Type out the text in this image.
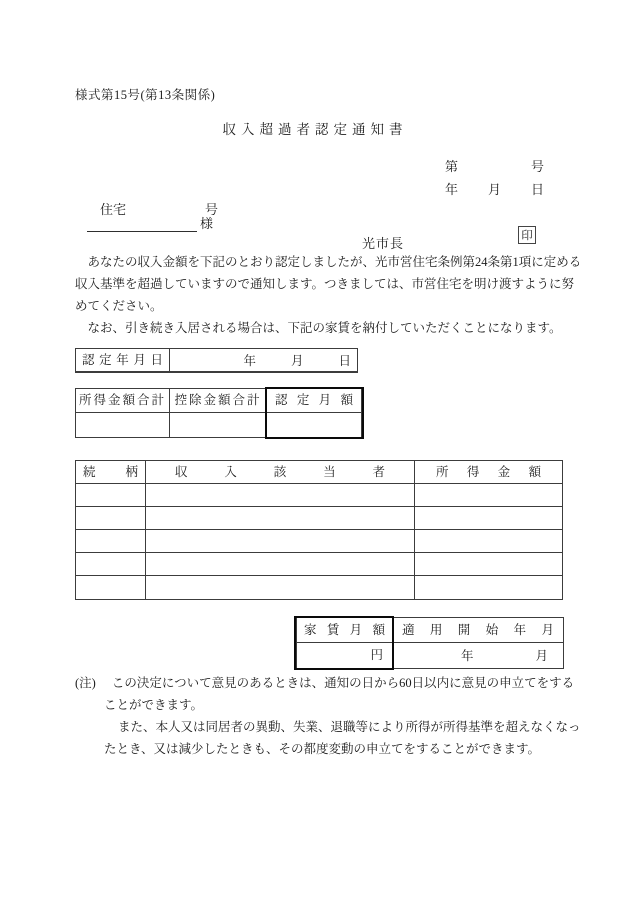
様式第15号(第13条関係)
収入超過者認定通知書
第	号
年 月 日
住宅	号
様
光市長	印
　あなたの収入金額を下記のとおり認定しましたが、光市営住宅条例第24条第1項に定める
収入基準を超過していますので通知します。つきましては、市営住宅を明け渡すように努
めてください。
　なお、引き続き入居される場合は、下記の家賃を納付していただくことになります。
認定年月日	年	月	日
所得金額合計 控除金額合計	認定月額
続柄	収入該当者	所得金額
家賃月額	適用開始年月
円	年	月
(注) この決定について意見のあるときは、通知の日から60日以内に意見の申立てをする
ことができます。
また、本人又は同居者の異動、失業、退職等により所得が所得基準を超えなくなっ
たとき、又は減少したときも、その都度変動の申立てをすることができます。
